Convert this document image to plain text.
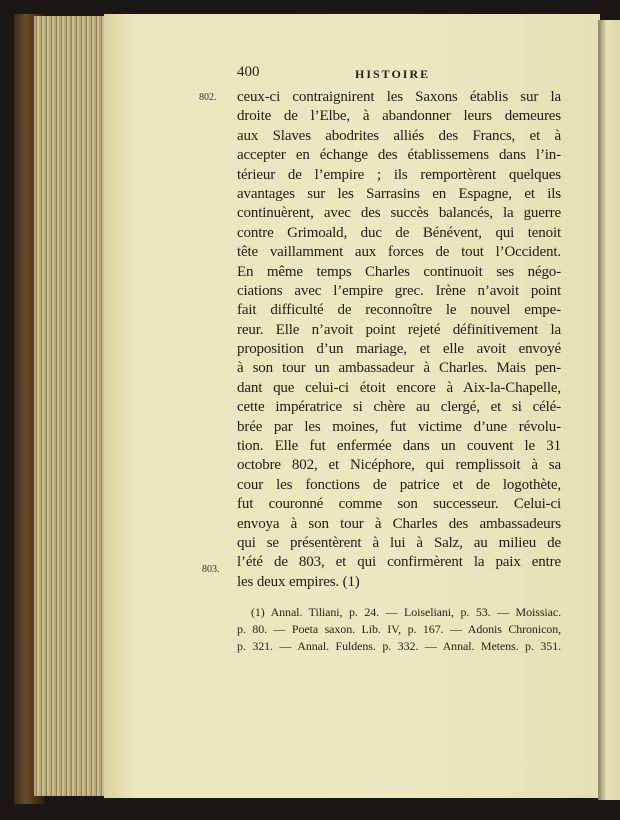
400	HISTOIRE
802.
803.
ceux-ci contraignirent les Saxons établis sur la
droite de l’Elbe, à abandonner leurs demeures
aux Slaves abodrites alliés des Francs, et à
accepter en échange des établissemens dans l’in-
térieur de l’empire ; ils remportèrent quelques
avantages sur les Sarrasins en Espagne, et ils
continuèrent, avec des succès balancés, la guerre
contre Grimoald, duc de Bénévent, qui tenoit
tête vaillamment aux forces de tout l’Occident.
En même temps Charles continuoit ses négo-
ciations avec l’empire grec. Irène n’avoit point
fait difficulté de reconnoître le nouvel empe-
reur. Elle n’avoit point rejeté définitivement la
proposition d’un mariage, et elle avoit envoyé
à son tour un ambassadeur à Charles. Mais pen-
dant que celui-ci étoit encore à Aix-la-Chapelle,
cette impératrice si chère au clergé, et si célé-
brée par les moines, fut victime d’une révolu-
tion. Elle fut enfermée dans un couvent le 31
octobre 802, et Nicéphore, qui remplissoit à sa
cour les fonctions de patrice et de logothète,
fut couronné comme son successeur. Celui-ci
envoya à son tour à Charles des ambassadeurs
qui se présentèrent à lui à Salz, au milieu de
l’été de 803, et qui confirmèrent la paix entre
les deux empires. (1)
(1) Annal. Tiliani, p. 24. — Loiseliani, p. 53. — Moissiac.
p. 80. — Poeta saxon. Lib. IV, p. 167. — Adonis Chronicon,
p. 321. — Annal. Fuldens. p. 332. — Annal. Metens. p. 351.
